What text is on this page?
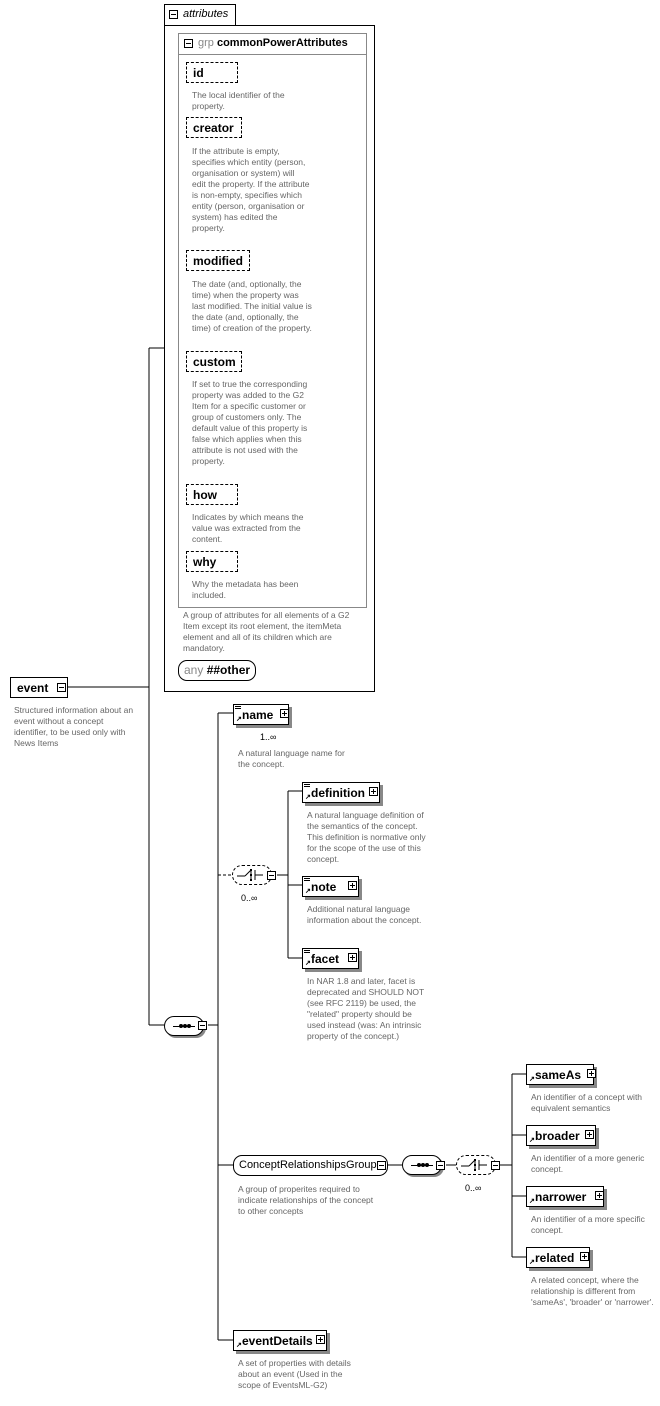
event
Structured information about an event without a concept identifier, to be used only with News Items
attributes
grp commonPowerAttributes
id
The local identifier of the property.
creator
If the attribute is empty, specifies which entity (person, organisation or system) will edit the property. If the attribute is non-empty, specifies which entity (person, organisation or system) has edited the property.
modified
The date (and, optionally, the time) when the property was last modified. The initial value is the date (and, optionally, the time) of creation of the property.
custom
If set to true the corresponding property was added to the G2 Item for a specific customer or group of customers only. The default value of this property is false which applies when this attribute is not used with the property.
how
Indicates by which means the value was extracted from the content.
why
Why the metadata has been included.
A group of attributes for all elements of a G2 Item except its root element, the itemMeta element and all of its children which are mandatory.
any ##other
↗ name
1..∞
A natural language name for the concept.
0..∞
↗ definition
A natural language definition of the semantics of the concept. This definition is normative only for the scope of the use of this concept.
↗ note
Additional natural language information about the concept.
↗ facet
In NAR 1.8 and later, facet is deprecated and SHOULD NOT (see RFC 2119) be used, the "related" property should be used instead (was: An intrinsic property of the concept.)
ConceptRelationshipsGroup
A group of properites required to indicate relationships of the concept to other concepts
0..∞
↗ sameAs
An identifier of a concept with equivalent semantics
↗ broader
An identifier of a more generic concept.
↗ narrower
An identifier of a more specific concept.
↗ related
A related concept, where the relationship is different from 'sameAs', 'broader' or 'narrower'.
↗ eventDetails
A set of properties with details about an event (Used in the scope of EventsML-G2)
